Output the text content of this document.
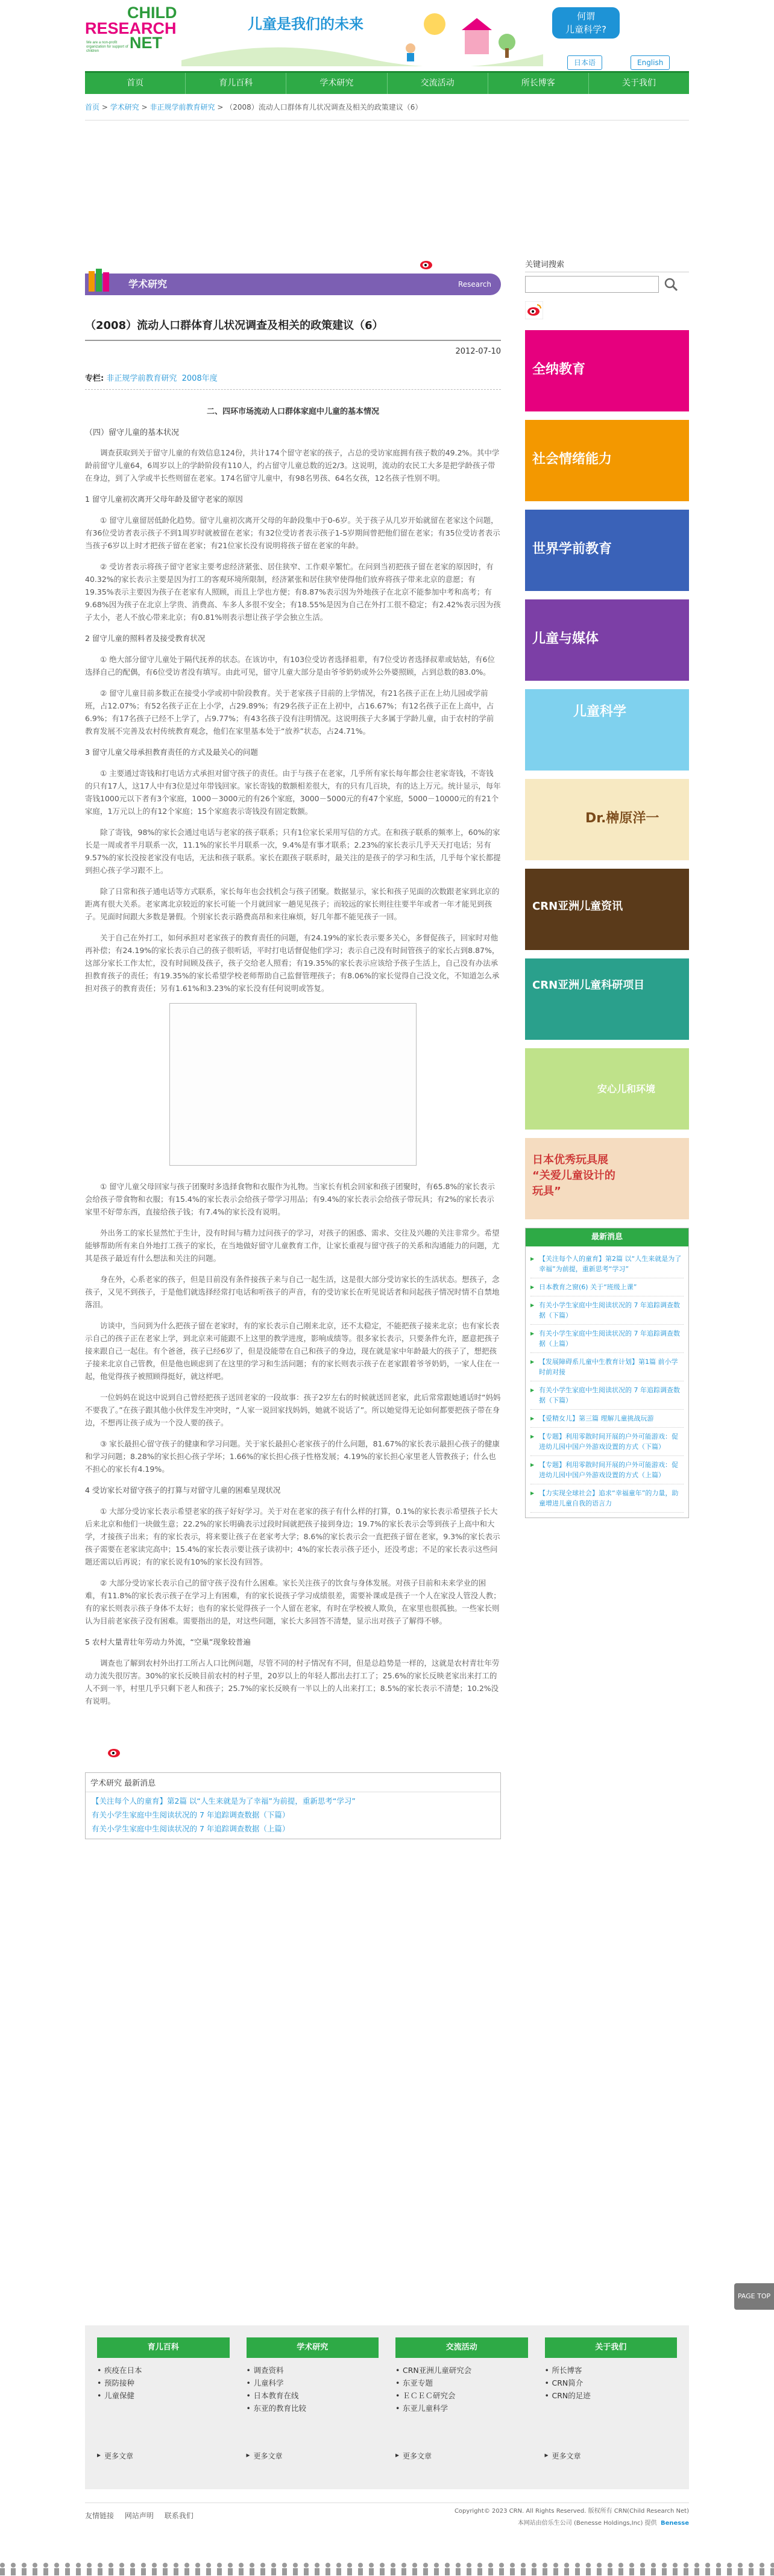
CHILD
RESEARCH
NET
We are a non-profit organization for support of children
儿童是我们的未来	何谓
儿童科学?
日本语	English
首页	育儿百科	学术研究	交流活动	所长博客	关于我们
首页 > 学术研究 > 非正规学前教育研究 > （2008）流动人口群体育儿状况调查及相关的政策建议（6）
学术研究	Research
（2008）流动人口群体育儿状况调查及相关的政策建议（6）
2012-07-10
专栏: 非正规学前教育研究 2008年度
二、四环市场流动人口群体家庭中儿童的基本情况
（四）留守儿童的基本状况

调查获取到关于留守儿童的有效信息124份，共计174个留守老家的孩子，占总的受访家庭拥有孩子数的49.2%。其中学龄前留守儿童64，6周岁以上的学龄阶段有110人，约占留守儿童总数的近2/3。这说明，流动的农民工大多是把学龄孩子带在身边，到了入学或半长些则留在老家。174名留守儿童中，有98名男孩、64名女孩，12名孩子性别不明。

1 留守儿童初次离开父母年龄及留守老家的原因

① 留守儿童留居低龄化趋势。留守儿童初次离开父母的年龄段集中于0-6岁。关于孩子从几岁开始就留在老家这个问题，有36位受访者表示孩子不到1周岁时就被留在老家；有32位受访者表示孩子1-5岁期间曾把他们留在老家；有35位受访者表示当孩子6岁以上时才把孩子留在老家；有21位家长没有说明将孩子留在老家的年龄。

② 受访者表示将孩子留守老家主要考虑经济紧张、居住狭窄、工作艰辛繁忙。在问到当初把孩子留在老家的原因时，有40.32%的家长表示主要是因为打工的客观环境所限制，经济紧张和居住狭窄使得他们放弃将孩子带来北京的意愿；有19.35%表示主要因为孩子在老家有人照顾，而且上学也方便；有8.87%表示因为外地孩子在北京不能参加中考和高考；有9.68%因为孩子在北京上学贵、消费高、车多人多很不安全；有18.55%是因为自己在外打工很不稳定；有2.42%表示因为孩子太小，老人不放心带来北京；有0.81%则表示想让孩子学会独立生活。

2 留守儿童的照料者及接受教育状况

① 绝大部分留守儿童处于隔代抚养的状态。在该访中，有103位受访者选择祖辈，有7位受访者选择叔辈或姑姑，有6位选择自己的配偶，有6位受访者没有填写。由此可见，留守儿童大部分是由爷爷奶奶或外公外婆照顾，占到总数的83.0%。

② 留守儿童目前多数正在接受小学或初中阶段教育。关于老家孩子目前的上学情况，有21名孩子正在上幼儿园或学前班，占12.07%；有52名孩子正在上小学，占29.89%；有29名孩子正在上初中，占16.67%；有12名孩子正在上高中，占6.9%；有17名孩子已经不上学了，占9.77%；有43名孩子没有注明情况。这说明孩子大多属于学龄儿童，由于农村的学前教育发展不完善及农村传统教育观念，他们在家里基本处于“放养”状态，占24.71%。

3 留守儿童父母承担教育责任的方式及最关心的问题

① 主要通过寄钱和打电话方式承担对留守孩子的责任。由于与孩子在老家，几乎所有家长每年都会往老家寄钱，不寄钱的只有17人，这17人中有3位是过年带钱回家。家长寄钱的数额相差很大，有的只有几百块，有的达上万元。统计显示，每年寄钱1000元以下者有3个家庭，1000－3000元的有26个家庭，3000－5000元的有47个家庭，5000－10000元的有21个家庭，1万元以上的有12个家庭；15个家庭表示寄钱没有固定数额。

除了寄钱，98%的家长会通过电话与老家的孩子联系；只有1位家长采用写信的方式。在和孩子联系的频率上，60%的家长是一周或者半月联系一次，11.1%的家长半月联系一次，9.4%是有事才联系；2.23%的家长表示几乎天天打电话；另有9.57%的家长没按老家没有电话，无法和孩子联系。家长在跟孩子联系时，最关注的是孩子的学习和生活，几乎每个家长都提到担心孩子学习跟不上。

除了日常和孩子通电话等方式联系，家长每年也会找机会与孩子团聚。数据显示，家长和孩子见面的次数跟老家到北京的距离有很大关系。老家离北京较近的家长可能一个月就回家一趟见见孩子；而较远的家长则往往要半年或者一年才能见到孩子。见面时间跟大多数是暑假。个别家长表示路费高昂和来往麻烦，好几年都不能见孩子一回。

关于自己在外打工，如何承担对老家孩子的教育责任的问题，有24.19%的家长表示要多关心，多督促孩子，回家时对他再补偿；有24.19%的家长表示自己的孩子很听话，平时打电话督促他们学习；表示自己没有时间管孩子的家长占到8.87%，这部分家长工作太忙，没有时间顾及孩子，孩子交给老人照看；有19.35%的家长表示应该给予孩子生活上，自己没有办法承担教育孩子的责任；有19.35%的家长希望学校老师帮助自己监督管理孩子；有8.06%的家长觉得自己没文化，不知道怎么承担对孩子的教育责任；另有1.61%和3.23%的家长没有任何说明或答复。

① 留守儿童父母回家与孩子团聚时多选择食物和衣服作为礼物。当家长有机会回家和孩子团聚时，有65.8%的家长表示会给孩子带食物和衣服；有15.4%的家长表示会给孩子带学习用品；有9.4%的家长表示会给孩子带玩具；有2%的家长表示家里不好带东西，直接给孩子钱；有7.4%的家长没有说明。

外出务工的家长显然忙于生计，没有时间与精力过问孩子的学习，对孩子的困惑、需求、交往及兴趣的关注非常少。希望能够帮助所有来自外地打工孩子的家长，在当地做好留守儿童教育工作，让家长重视与留守孩子的关系和沟通能力的问题，尤其是孩子最近有什么想法和关注的问题。

身在外，心系老家的孩子，但是目前没有条件接孩子来与自己一起生活，这是很大部分受访家长的生活状态。想孩子，念孩子，又见不到孩子，于是他们就选择经常打电话和听孩子的声音，有的受访家长在听见说话者和问起孩子情况时情不自禁地落泪。

访谈中，当问到为什么把孩子留在老家时，有的家长表示自己刚来北京，还不太稳定，不能把孩子接来北京；也有家长表示自己的孩子正在老家上学，到北京来可能跟不上这里的教学进度，影响成绩等。很多家长表示，只要条件允许，愿意把孩子接来跟自己一起住。有个爸爸，孩子已经6岁了，但是没能带在自己和孩子的身边，现在就是家中年龄最大的孩子了，想把孩子接来北京自己管教，但是他也顾虑到了在这里的学习和生活问题；有的家长则表示孩子在老家跟着爷爷奶奶，一家人住在一起，他觉得孩子被照顾得挺好，就这样吧。

一位妈妈在说这中说到自己曾经把孩子送回老家的一段故事：孩子2岁左右的时候就送回老家，此后常常跟她通话时“妈妈不要我了。”在孩子跟其他小伙伴发生冲突时，“人家一说回家找妈妈，她就不说话了”。所以她觉得无论如何都要把孩子带在身边，不想再让孩子成为一个没人要的孩子。

③ 家长最担心留守孩子的健康和学习问题。关于家长最担心老家孩子的什么问题，81.67%的家长表示最担心孩子的健康和学习问题；8.28%的家长担心孩子学坏；1.66%的家长担心孩子性格发展；4.19%的家长担心家里老人管教孩子；什么也不担心的家长有4.19%。

4 受访家长对留守孩子的打算与对留守儿童的困难呈现状况

① 大部分受访家长表示希望老家的孩子好好学习。关于对在老家的孩子有什么样的打算，0.1%的家长表示希望孩子长大后来北京和他们一块做生意；22.2%的家长明确表示过段时间就把孩子接到身边；19.7%的家长表示会等到孩子上高中和大学，才接孩子出来；有的家长表示，将来要让孩子在老家考大学；8.6%的家长表示会一直把孩子留在老家，9.3%的家长表示孩子需要在老家读完高中；15.4%的家长表示要让孩子读初中；4%的家长表示孩子还小，还没考虑；不足的家长表示这些问题还需以后再说；有的家长说有10%的家长没有回答。

② 大部分受访家长表示自己的留守孩子没有什么困难。家长关注孩子的饮食与身体发展。对孩子目前和未来学业的困难，有11.8%的家长表示孩子在学习上有困难，有的家长说孩子学习成绩很差，需要补课或是孩子一个人在家没人管没人教；有的家长则表示孩子身体不太好；也有的家长觉得孩子一个人留在老家，有时在学校被人欺负，在家里也很孤独。一些家长则认为目前老家孩子没有困难。需要指出的是，对这些问题，家长大多回答不清楚，显示出对孩子了解得不够。

5 农村大量青壮年劳动力外流，“空巢”现象较普遍

调查也了解到农村外出打工所占人口比例问题，尽管不同的村子情况有不同，但是总趋势是一样的，这就是农村青壮年劳动力流失很厉害。30%的家长反映目前农村的村子里，20岁以上的年轻人都出去打工了；25.6%的家长反映老家出来打工的人不到一半，村里几乎只剩下老人和孩子；25.7%的家长反映有一半以上的人出来打工；8.5%的家长表示不清楚；10.2%没有说明。

学术研究 最新消息
【关注每个人的童育】第2篇 以“人生来就是为了幸福”为前提，重新思考“学习”
有关小学生家庭中生阅读状况的 7 年追踪调查数据（下篇）
有关小学生家庭中生阅读状况的 7 年追踪调查数据（上篇）
关键词搜索
全纳教育
社会情绪能力
世界学前教育
儿童与媒体
儿童科学
Dr.榊原洋一
CRN亚洲儿童资讯
CRN亚洲儿童科研项目
安心儿和环境
日本优秀玩具展 “关爱儿童设计的玩具”
最新消息
▶ 【关注每个人的童育】第2篇 以“人生来就是为了幸福”为前提，重新思考“学习”
▶ 日本教育之窗(6) 关于“班级上课”
▶ 有关小学生家庭中生阅读状况的 7 年追踪调查数据（下篇）
▶ 有关小学生家庭中生阅读状况的 7 年追踪调查数据（上篇）
▶ 【发展障碍系儿童中生教育计划】第1篇 前小学时前对接
▶ 有关小学生家庭中生阅读状况的 7 年追踪调查数据（下篇）
▶ 【爱精女儿】第三篇 理解儿童挑战玩游
▶ 【专题】利用零散时间开展的户外可能游戏：促进幼儿园中国户外游戏设置的方式（下篇）
▶ 【专题】利用零散时间开展的户外可能游戏：促进幼儿园中国户外游戏设置的方式（上篇）
▶ 【力实现全球社会】追求“幸福童年”的力量，助童增进儿童自我的语言力
PAGE TOP
育儿百科
• 疾疫在日本
• 预防接种
• 儿童保健
▸ 更多文章
学术研究
• 调查资料
• 儿童科学
• 日本教育在线
• 东亚的教育比较
▸ 更多文章
交流活动
• CRN亚洲儿童研究会
• 东亚专题
• ＥＣＥＣ研究会
• 东亚儿童科学
▸ 更多文章
关于我们
• 所长博客
• CRN简介
• CRN的足迹
▸ 更多文章
友情链接 网站声明 联系我们
Copyright© 2023 CRN. All Rights Reserved. 版权所有 CRN(Child Research Net)
本网站由倍乐生公司 (Benesse Holdings,Inc) 提供 Benesse
